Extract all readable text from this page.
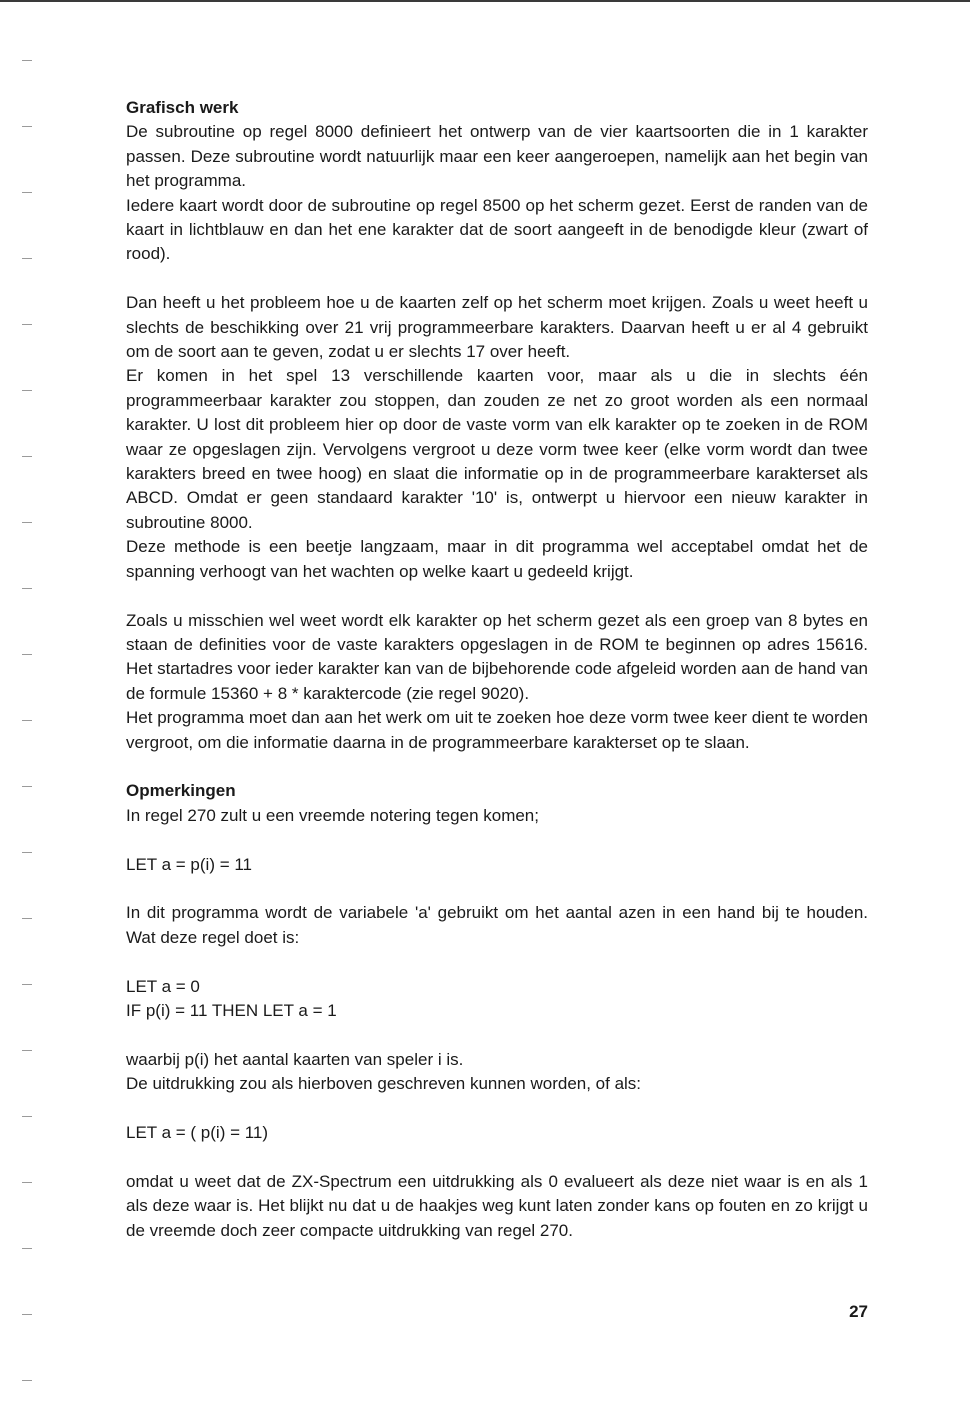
Grafisch werk

De subroutine op regel 8000 definieert het ontwerp van de vier kaartsoorten die in 1 karakter passen. Deze subroutine wordt natuurlijk maar een keer aangeroepen, namelijk aan het begin van het programma.

Iedere kaart wordt door de subroutine op regel 8500 op het scherm gezet. Eerst de randen van de kaart in lichtblauw en dan het ene karakter dat de soort aangeeft in de benodigde kleur (zwart of rood).

Dan heeft u het probleem hoe u de kaarten zelf op het scherm moet krijgen. Zoals u weet heeft u slechts de beschikking over 21 vrij programmeerbare karakters. Daarvan heeft u er al 4 gebruikt om de soort aan te geven, zodat u er slechts 17 over heeft.

Er komen in het spel 13 verschillende kaarten voor, maar als u die in slechts één programmeerbaar karakter zou stoppen, dan zouden ze net zo groot worden als een normaal karakter. U lost dit probleem hier op door de vaste vorm van elk karakter op te zoeken in de ROM waar ze opgeslagen zijn. Vervolgens vergroot u deze vorm twee keer (elke vorm wordt dan twee karakters breed en twee hoog) en slaat die informatie op in de programmeerbare karakterset als ABCD. Omdat er geen standaard karakter '10' is, ontwerpt u hiervoor een nieuw karakter in subroutine 8000.

Deze methode is een beetje langzaam, maar in dit programma wel acceptabel omdat het de spanning verhoogt van het wachten op welke kaart u gedeeld krijgt.

Zoals u misschien wel weet wordt elk karakter op het scherm gezet als een groep van 8 bytes en staan de definities voor de vaste karakters opgeslagen in de ROM te beginnen op adres 15616. Het startadres voor ieder karakter kan van de bijbehorende code afgeleid worden aan de hand van de formule 15360 + 8 * karaktercode (zie regel 9020).

Het programma moet dan aan het werk om uit te zoeken hoe deze vorm twee keer dient te worden vergroot, om die informatie daarna in de programmeerbare karakterset op te slaan.

Opmerkingen

In regel 270 zult u een vreemde notering tegen komen;

LET a = p(i) = 11

In dit programma wordt de variabele 'a' gebruikt om het aantal azen in een hand bij te houden. Wat deze regel doet is:

LET a = 0

IF p(i) = 11 THEN LET a = 1

waarbij p(i) het aantal kaarten van speler i is.

De uitdrukking zou als hierboven geschreven kunnen worden, of als:

LET a = ( p(i) = 11)

omdat u weet dat de ZX-Spectrum een uitdrukking als 0 evalueert als deze niet waar is en als 1 als deze waar is. Het blijkt nu dat u de haakjes weg kunt laten zonder kans op fouten en zo krijgt u de vreemde doch zeer compacte uitdrukking van regel 270.

27
